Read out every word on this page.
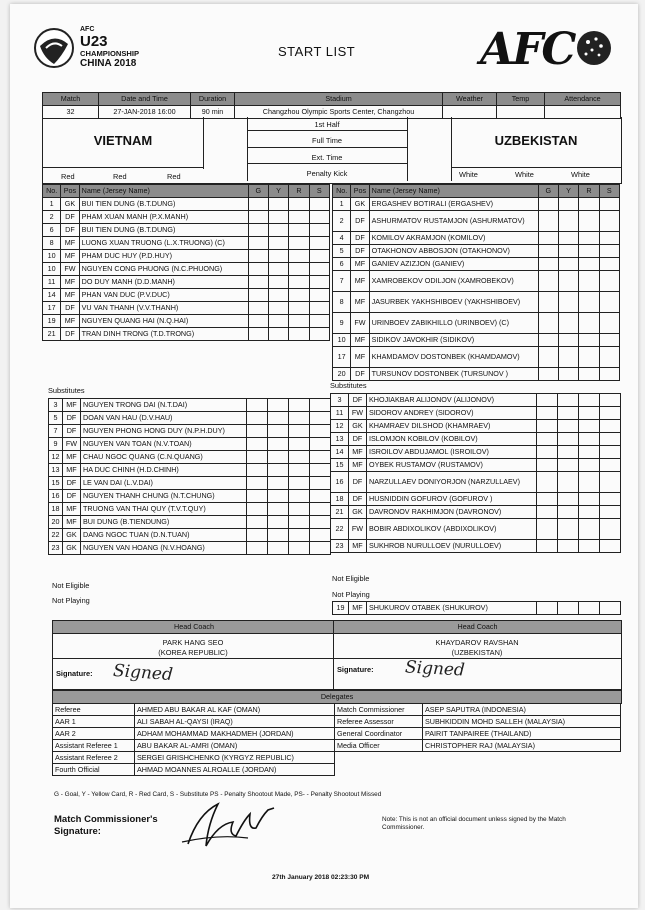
AFC
U23
CHAMPIONSHIP
CHINA 2018
START LIST	AFC
Match	Date and Time	Duration	Stadium	Weather	Temp	Attendance
32	27-JAN-2018 16:00	90 min	Changzhou Olympic Sports Center, Changzhou			
VIETNAM
1st Half
Full Time
Ext. Time
Penalty Kick
UZBEKISTAN
Red	Red	Red	White	White	White
No.	Pos	Name (Jersey Name)	G	Y	R	S
1	GK	BUI TIEN DUNG (B.T.DUNG)				
2	DF	PHAM XUAN MANH (P.X.MANH)				
6	DF	BUI TIEN DUNG (B.T.DUNG)				
8	MF	LUONG XUAN TRUONG (L.X.TRUONG) (C)				
10	MF	PHAM DUC HUY (P.D.HUY)				
10	FW	NGUYEN CONG PHUONG (N.C.PHUONG)				
11	MF	DO DUY MANH (D.D.MANH)				
14	MF	PHAN VAN DUC (P.V.DUC)				
17	DF	VU VAN THANH (V.V.THANH)				
19	MF	NGUYEN QUANG HAI (N.Q.HAI)				
21	DF	TRAN DINH TRONG (T.D.TRONG)				
No.	Pos	Name (Jersey Name)	G	Y	R	S
1	GK	ERGASHEV BOTIRALI (ERGASHEV)				
2	DF	ASHURMATOV RUSTAMJON (ASHURMATOV)				
4	DF	KOMILOV AKRAMJON (KOMILOV)				
5	DF	OTAKHONOV ABBOSJON (OTAKHONOV)				
6	MF	GANIEV AZIZJON (GANIEV)				
7	MF	XAMROBEKOV ODILJON (XAMROBEKOV)				
8	MF	JASURBEK YAKHSHIBOEV (YAKHSHIBOEV)				
9	FW	URINBOEV ZABIKHILLO (URINBOEV) (C)				
10	MF	SIDIKOV JAVOKHIR (SIDIKOV)				
17	MF	KHAMDAMOV DOSTONBEK (KHAMDAMOV)				
20	DF	TURSUNOV DOSTONBEK (TURSUNOV )				
Substitutes
Substitutes
3	MF	NGUYEN TRONG DAI (N.T.DAI)				
5	DF	DOAN VAN HAU (D.V.HAU)				
7	DF	NGUYEN PHONG HONG DUY (N.P.H.DUY)				
9	FW	NGUYEN VAN TOAN (N.V.TOAN)				
12	MF	CHAU NGOC QUANG (C.N.QUANG)				
13	MF	HA DUC CHINH (H.D.CHINH)				
15	DF	LE VAN DAI (L.V.DAI)				
16	DF	NGUYEN THANH CHUNG (N.T.CHUNG)				
18	MF	TRUONG VAN THAI QUY (T.V.T.QUY)				
20	MF	BUI DUNG (B.TIENDUNG)				
22	GK	DANG NGOC TUAN (D.N.TUAN)				
23	GK	NGUYEN VAN HOANG (N.V.HOANG)				
3	DF	KHOJIAKBAR ALIJONOV (ALIJONOV)				
11	FW	SIDOROV ANDREY (SIDOROV)				
12	GK	KHAMRAEV DILSHOD (KHAMRAEV)				
13	DF	ISLOMJON KOBILOV (KOBILOV)				
14	MF	ISROILOV ABDUJAMOL (ISROILOV)				
15	MF	OYBEK RUSTAMOV (RUSTAMOV)				
16	DF	NARZULLAEV DONIYORJON (NARZULLAEV)				
18	DF	HUSNIDDIN GOFUROV (GOFUROV )				
21	GK	DAVRONOV RAKHIMJON (DAVRONOV)				
22	FW	BOBIR ABDIXOLIKOV (ABDIXOLIKOV)				
23	MF	SUKHROB NURULLOEV (NURULLOEV)				
Not Eligible
Not Playing
Not Eligible
Not Playing
19	MF	SHUKUROV OTABEK (SHUKUROV)				
Head Coach	Head Coach
PARK HANG SEO
(KOREA REPUBLIC)
KHAYDAROV RAVSHAN
(UZBEKISTAN)
Signature: Signed	Signature: Signed
Delegates
Referee	AHMED ABU BAKAR AL KAF (OMAN)
AAR 1	ALI SABAH AL-QAYSI (IRAQ)
AAR 2	ADHAM MOHAMMAD MAKHADMEH (JORDAN)
Assistant Referee 1	ABU BAKAR AL-AMRI (OMAN)
Assistant Referee 2	SERGEI GRISHCHENKO (KYRGYZ REPUBLIC)
Fourth Official	AHMAD MOANNES ALROALLE (JORDAN)
Match Commissioner	ASEP SAPUTRA (INDONESIA)
Referee Assessor	SUBHKIDDIN MOHD SALLEH (MALAYSIA)
General Coordinator	PAIRIT TANPAIREE (THAILAND)
Media Officer	CHRISTOPHER RAJ (MALAYSIA)
G - Goal, Y - Yellow Card, R - Red Card, S - Substitute PS - Penalty Shootout Made, PS- - Penalty Shootout Missed
Match Commissioner's
Signature:
Note: This is not an official document unless signed by the Match Commissioner.
27th January 2018 02:23:30 PM
